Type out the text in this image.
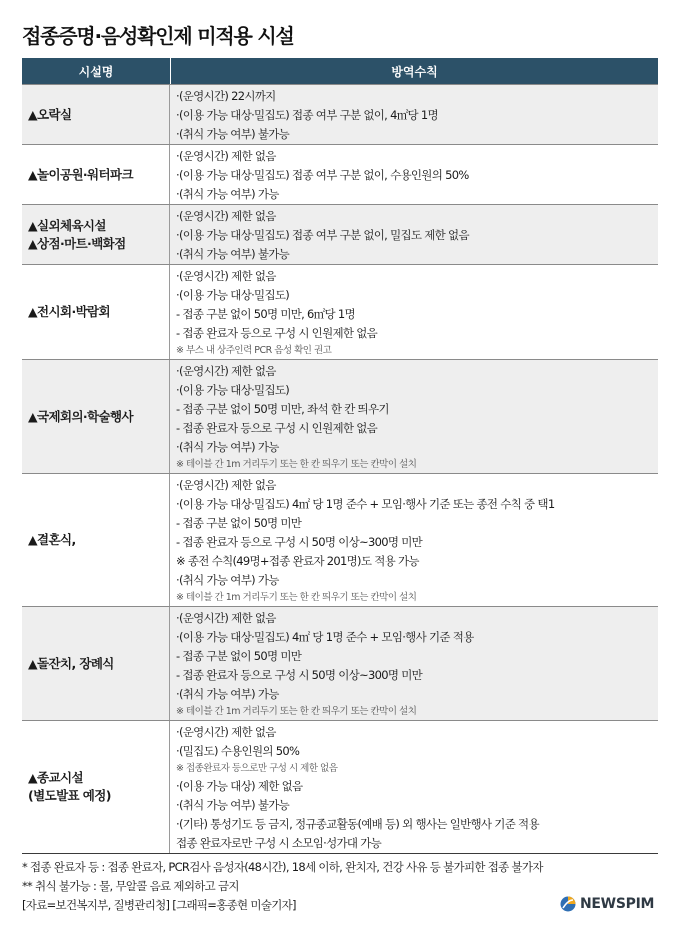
접종증명·음성확인제 미적용 시설
시설명	방역수칙
▲오락실
·(운영시간) 22시까지
·(이용 가능 대상·밀집도) 접종 여부 구분 없이, 4㎡당 1명
·(취식 가능 여부) 불가능
▲놀이공원·워터파크
·(운영시간) 제한 없음
·(이용 가능 대상·밀집도) 접종 여부 구분 없이, 수용인원의 50%
·(취식 가능 여부) 가능
▲실외체육시설
▲상점·마트·백화점
·(운영시간) 제한 없음
·(이용 가능 대상·밀집도) 접종 여부 구분 없이, 밀집도 제한 없음
·(취식 가능 여부) 불가능
▲전시회·박람회
·(운영시간) 제한 없음
·(이용 가능 대상·밀집도)
- 접종 구분 없이 50명 미만, 6㎡당 1명
- 접종 완료자 등으로 구성 시 인원제한 없음
※ 부스 내 상주인력 PCR 음성 확인 권고
▲국제회의·학술행사
·(운영시간) 제한 없음
·(이용 가능 대상·밀집도)
- 접종 구분 없이 50명 미만, 좌석 한 칸 띄우기
- 접종 완료자 등으로 구성 시 인원제한 없음
·(취식 가능 여부) 가능
※ 테이블 간 1m 거리두기 또는 한 칸 띄우기 또는 칸막이 설치
▲결혼식,
·(운영시간) 제한 없음
·(이용 가능 대상·밀집도) 4㎡ 당 1명 준수 + 모임·행사 기준 또는 종전 수칙 중 택1
- 접종 구분 없이 50명 미만
- 접종 완료자 등으로 구성 시 50명 이상~300명 미만
※ 종전 수칙(49명+접종 완료자 201명)도 적용 가능
·(취식 가능 여부) 가능
※ 테이블 간 1m 거리두기 또는 한 칸 띄우기 또는 칸막이 설치
▲돌잔치, 장례식
·(운영시간) 제한 없음
·(이용 가능 대상·밀집도) 4㎡ 당 1명 준수 + 모임·행사 기준 적용
- 접종 구분 없이 50명 미만
- 접종 완료자 등으로 구성 시 50명 이상~300명 미만
·(취식 가능 여부) 가능
※ 테이블 간 1m 거리두기 또는 한 칸 띄우기 또는 칸막이 설치
▲종교시설
(별도발표 예정)
·(운영시간) 제한 없음
·(밀집도) 수용인원의 50%
※ 접종완료자 등으로만 구성 시 제한 없음
·(이용 가능 대상) 제한 없음
·(취식 가능 여부) 불가능
·(기타) 통성기도 등 금지, 정규종교활동(예배 등) 외 행사는 일반행사 기준 적용
접종 완료자로만 구성 시 소모임·성가대 가능
* 접종 완료자 등 : 접종 완료자, PCR검사 음성자(48시간), 18세 이하, 완치자, 건강 사유 등 불가피한 접종 불가자
** 취식 불가능 : 물, 무알콜 음료 제외하고 금지
[자료=보건복지부, 질병관리청] [그래픽=홍종현 미술기자]	NEWSPIM
